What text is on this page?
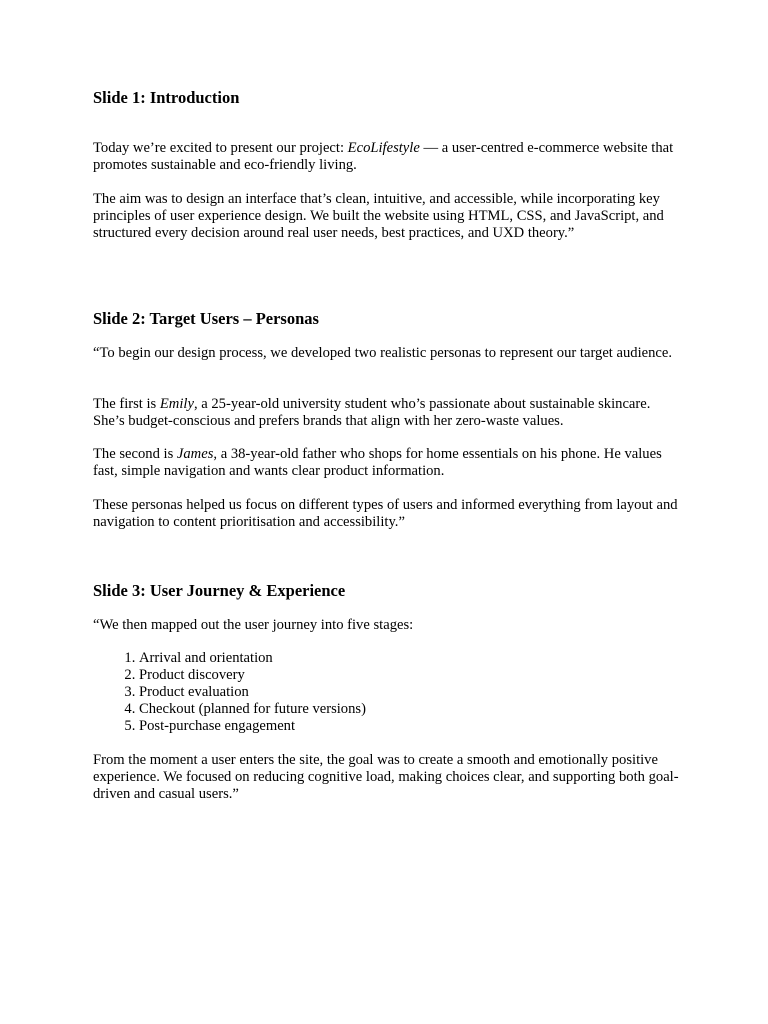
Slide 1: Introduction

Today we’re excited to present our project: EcoLifestyle — a user-centred e-commerce website that promotes sustainable and eco-friendly living.

The aim was to design an interface that’s clean, intuitive, and accessible, while incorporating key principles of user experience design. We built the website using HTML, CSS, and JavaScript, and structured every decision around real user needs, best practices, and UXD theory.”

Slide 2: Target Users – Personas

“To begin our design process, we developed two realistic personas to represent our target audience.

The first is Emily, a 25-year-old university student who’s passionate about sustainable skincare. She’s budget-conscious and prefers brands that align with her zero-waste values.

The second is James, a 38-year-old father who shops for home essentials on his phone. He values fast, simple navigation and wants clear product information.

These personas helped us focus on different types of users and informed everything from layout and navigation to content prioritisation and accessibility.”

Slide 3: User Journey & Experience

“We then mapped out the user journey into five stages:

1. Arrival and orientation
2. Product discovery
3. Product evaluation
4. Checkout (planned for future versions)
5. Post-purchase engagement

From the moment a user enters the site, the goal was to create a smooth and emotionally positive experience. We focused on reducing cognitive load, making choices clear, and supporting both goal-driven and casual users.”
